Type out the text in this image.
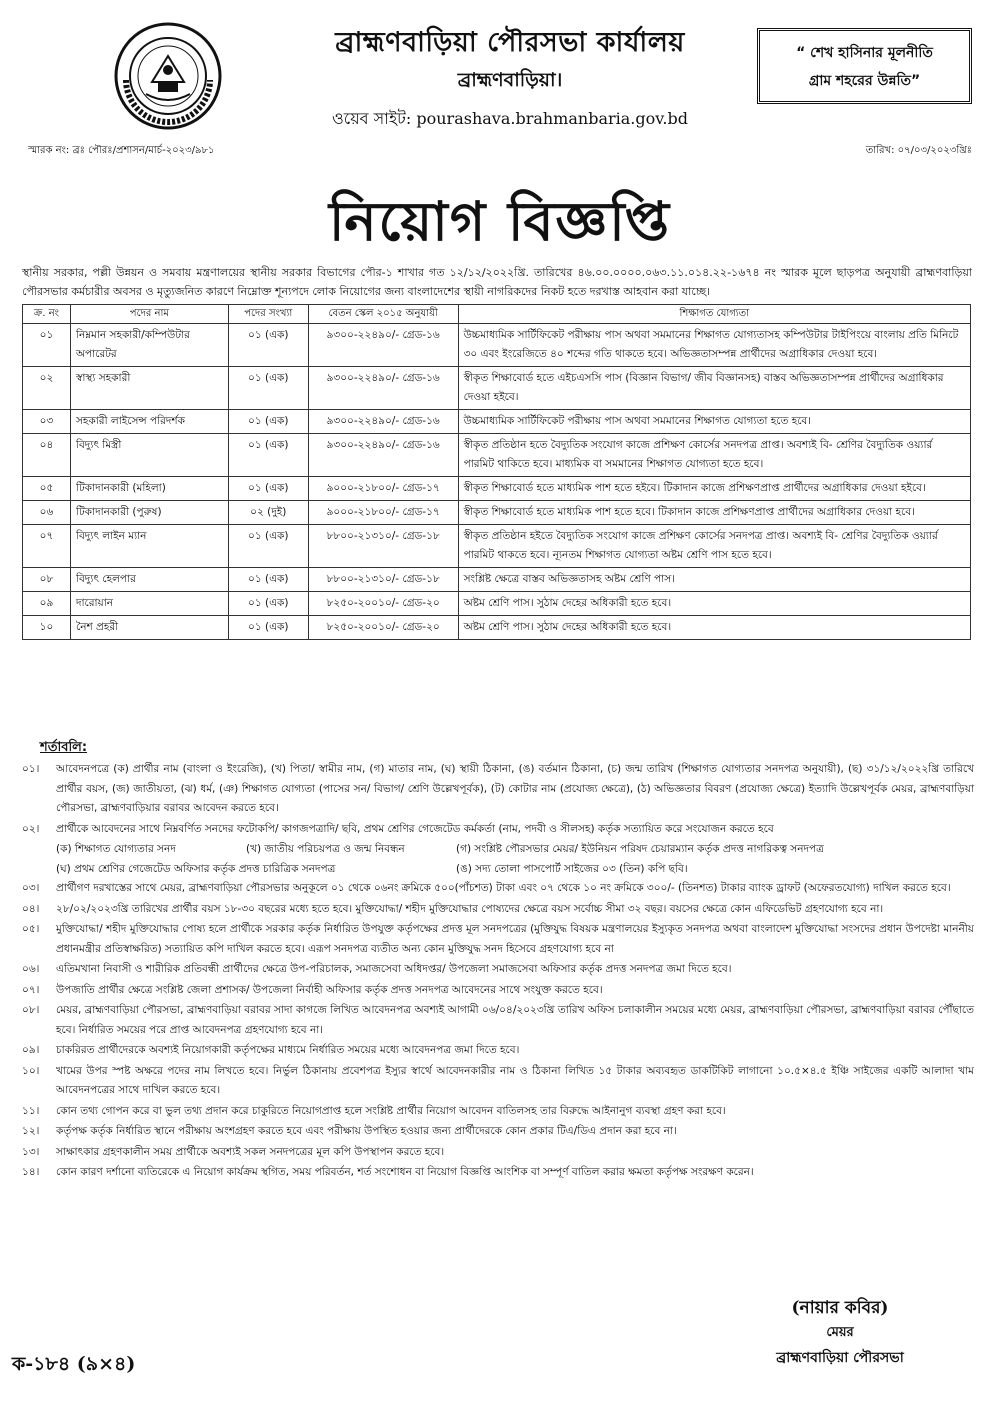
ব্রাহ্মণবাড়িয়া পৌরসভা কার্যালয়
ব্রাহ্মণবাড়িয়া।
ওয়েব সাইট: pourashava.brahmanbaria.gov.bd
“ শেখ হাসিনার মূলনীতি
গ্রাম শহরের উন্নতি”
স্মারক নং: ব্রঃ পৌরঃ/প্রশাসন/মার্চ-২০২৩/৯৮১	তারিখ: ০৭/০৩/২০২৩খ্রিঃ
নিয়োগ বিজ্ঞপ্তি
স্থানীয় সরকার, পল্লী উন্নয়ন ও সমবায় মন্ত্রণালয়ের স্থানীয় সরকার বিভাগের পৌর-১ শাখার গত ১২/১২/২০২২খ্রি. তারিখের ৪৬.০০.০০০০.০৬৩.১১.০১৪.২২-১৬৭৪ নং স্মারক মূলে ছাড়পত্র অনুযায়ী ব্রাহ্মণবাড়িয়া পৌরসভার কর্মচারীর অবসর ও মৃত্যুজনিত কারণে নিম্নোক্ত শূন্যপদে লোক নিয়োগের জন্য বাংলাদেশের স্থায়ী নাগরিকদের নিকট হতে দরখাস্ত আহবান করা যাচ্ছে।
ক্র. নং	পদের নাম	পদের সংখ্যা	বেতন স্কেল ২০১৫ অনুযায়ী	শিক্ষাগত যোগ্যতা
০১	নিম্নমান সহকারী/কম্পিউটার অপারেটর	০১ (এক)	৯৩০০-২২৪৯০/- গ্রেড-১৬	উচ্চমাধ্যমিক সার্টিফিকেট পরীক্ষায় পাস অথবা সমমানের শিক্ষাগত যোগ্যতাসহ কম্পিউটার টাইপিংয়ে বাংলায় প্রতি মিনিটে ৩০ এবং ইংরেজিতে ৪০ শব্দের গতি থাকতে হবে। অভিজ্ঞতাসম্পন্ন প্রার্থীদের অগ্রাধিকার দেওয়া হবে।
০২	স্বাস্থ্য সহকারী	০১ (এক)	৯৩০০-২২৪৯০/- গ্রেড-১৬	স্বীকৃত শিক্ষাবোর্ড হতে এইচএসসি পাস (বিজ্ঞান বিভাগ/ জীব বিজ্ঞানসহ) বাস্তব অভিজ্ঞতাসম্পন্ন প্রার্থীদের অগ্রাধিকার দেওয়া হইবে।
০৩	সহকারী লাইসেন্স পরিদর্শক	০১ (এক)	৯৩০০-২২৪৯০/- গ্রেড-১৬	উচ্চমাধ্যমিক সার্টিফিকেট পরীক্ষায় পাস অথবা সমমানের শিক্ষাগত যোগ্যতা হতে হবে।
০৪	বিদ্যুৎ মিস্ত্রী	০১ (এক)	৯৩০০-২২৪৯০/- গ্রেড-১৬	স্বীকৃত প্রতিষ্ঠান হতে বৈদ্যুতিক সংযোগ কাজে প্রশিক্ষণ কোর্সের সনদপত্র প্রাপ্ত। অবশ্যই বি- শ্রেণির বৈদ্যুতিক ওয়্যার্র পারমিট থাকিতে হবে। মাধ্যমিক বা সমমানের শিক্ষাগত যোগ্যতা হতে হবে।
০৫	টিকাদানকারী (মহিলা)	০১ (এক)	৯০০০-২১৮০০/- গ্রেড-১৭	স্বীকৃত শিক্ষাবোর্ড হতে মাধ্যমিক পাশ হতে হইবে। টিকাদান কাজে প্রশিক্ষণপ্রাপ্ত প্রার্থীদের অগ্রাধিকার দেওয়া হইবে।
০৬	টিকাদানকারী (পুরুষ)	০২ (দুই)	৯০০০-২১৮০০/- গ্রেড-১৭	স্বীকৃত শিক্ষাবোর্ড হতে মাধ্যমিক পাশ হতে হবে। টিকাদান কাজে প্রশিক্ষণপ্রাপ্ত প্রার্থীদের অগ্রাধিকার দেওয়া হবে।
০৭	বিদ্যুৎ লাইন ম্যান	০১ (এক)	৮৮০০-২১৩১০/- গ্রেড-১৮	স্বীকৃত প্রতিষ্ঠান হইতে বৈদ্যুতিক সংযোগ কাজে প্রশিক্ষণ কোর্সের সনদপত্র প্রাপ্ত। অবশ্যই বি- শ্রেণির বৈদ্যুতিক ওয়্যার্র পারমিট থাকতে হবে। ন্যূনতম শিক্ষাগত যোগ্যতা অষ্টম শ্রেণি পাস হতে হবে।
০৮	বিদ্যুৎ হেলপার	০১ (এক)	৮৮০০-২১৩১০/- গ্রেড-১৮	সংশ্লিষ্ট ক্ষেত্রে বাস্তব অভিজ্ঞতাসহ অষ্টম শ্রেণি পাস।
০৯	দারোয়ান	০১ (এক)	৮২৫০-২০০১০/- গ্রেড-২০	অষ্টম শ্রেণি পাস। সুঠাম দেহের অধিকারী হতে হবে।
১০	নৈশ প্রহরী	০১ (এক)	৮২৫০-২০০১০/- গ্রেড-২০	অষ্টম শ্রেণি পাস। সুঠাম দেহের অধিকারী হতে হবে।
শর্তাবলি:
০১। আবেদনপত্রে (ক) প্রার্থীর নাম (বাংলা ও ইংরেজি), (খ) পিতা/ স্বামীর নাম, (গ) মাতার নাম, (ঘ) স্থায়ী ঠিকানা, (ঙ) বর্তমান ঠিকানা, (চ) জন্ম তারিখ (শিক্ষাগত যোগ্যতার সনদপত্র অনুযায়ী), (ছ) ৩১/১২/২০২২খ্রি তারিখে প্রার্থীর বয়স, (জ) জাতীয়তা, (ঝ) ধর্ম, (ঞ) শিক্ষাগত যোগ্যতা (পাসের সন/ বিভাগ/ শ্রেণি উল্লেখপূর্বক), (ট) কোটার নাম (প্রযোজ্য ক্ষেত্রে), (ঠ) অভিজ্ঞতার বিবরণ (প্রযোজ্য ক্ষেত্রে) ইত্যাদি উল্লেখপূর্বক মেয়র, ব্রাহ্মণবাড়িয়া পৌরসভা, ব্রাহ্মণবাড়িয়ার বরাবর আবেদন করতে হবে।
০২। প্রার্থীকে আবেদনের সাথে নিম্নবর্ণিত সনদের ফটোকপি/ কাগজপত্রাদি/ ছবি, প্রথম শ্রেণির গেজেটেড কর্মকর্তা (নাম, পদবী ও সীলসহ) কর্তৃক সত্যায়িত করে সংযোজন করতে হবে
(ক) শিক্ষাগত যোগ্যতার সনদ	(খ) জাতীয় পরিচয়পত্র ও জন্ম নিবন্ধন	(গ) সংশ্লিষ্ট পৌরসভার মেয়র/ ইউনিয়ন পরিষদ চেয়ারম্যান কর্তৃক প্রদত্ত নাগরিকত্ব সনদপত্র
(ঘ) প্রথম শ্রেণির গেজেটেড অফিসার কর্তৃক প্রদত্ত চারিত্রিক সনদপত্র	(ঙ) সদ্য তোলা পাসপোর্ট সাইজের ০৩ (তিন) কপি ছবি।
০৩। প্রার্থীগণ দরখাস্তের সাথে মেয়র, ব্রাহ্মণবাড়িয়া পৌরসভার অনুকূলে ০১ থেকে ০৬নং ক্রমিকে ৫০০(পাঁচশত) টাকা এবং ০৭ থেকে ১০ নং ক্রমিকে ৩০০/- (তিনশত) টাকার ব্যাংক ড্রাফট (অফেরতযোগ্য) দাখিল করতে হবে।
০৪। ২৮/০২/২০২৩খ্রি তারিখের প্রার্থীর বয়স ১৮-৩০ বছরের মধ্যে হতে হবে। মুক্তিযোদ্ধা/ শহীদ মুক্তিযোদ্ধার পোষ্যদের ক্ষেত্রে বয়স সর্বোচ্চ সীমা ৩২ বছর। বয়সের ক্ষেত্রে কোন এফিডেভিট গ্রহণযোগ্য হবে না।
০৫। মুক্তিযোদ্ধা/ শহীদ মুক্তিযোদ্ধার পোষ্য হলে প্রার্থীকে সরকার কর্তৃক নির্ধারিত উপযুক্ত কর্তৃপক্ষের প্রদত্ত মূল সনদপত্রের (মুক্তিযুদ্ধ বিষয়ক মন্ত্রণালয়ের ইস্যুকৃত সনদপত্র অথবা বাংলাদেশ মুক্তিযোদ্ধা সংসদের প্রধান উপদেষ্টা মাননীয় প্রধানমন্ত্রীর প্রতিস্বাক্ষরিত) সত্যায়িত কপি দাখিল করতে হবে। এরূপ সনদপত্র ব্যতীত অন্য কোন মুক্তিযুদ্ধ সনদ হিসেবে গ্রহণযোগ্য হবে না
০৬। এতিমখানা নিবাসী ও শারীরিক প্রতিবন্ধী প্রার্থীদের ক্ষেত্রে উপ-পরিচালক, সমাজসেবা অধিদপ্তর/ উপজেলা সমাজসেবা অফিসার কর্তৃক প্রদত্ত সনদপত্র জমা দিতে হবে।
০৭। উপজাতি প্রার্থীর ক্ষেত্রে সংশ্লিষ্ট জেলা প্রশাসক/ উপজেলা নির্বাহী অফিসার কর্তৃক প্রদত্ত সনদপত্র আবেদনের সাথে সংযুক্ত করতে হবে।
০৮। মেয়র, ব্রাহ্মণবাড়িয়া পৌরসভা, ব্রাহ্মণবাড়িয়া বরাবর সাদা কাগজে লিখিত আবেদনপত্র অবশ্যই আগামী ০৬/০৪/২০২৩খ্রি তারিখ অফিস চলাকালীন সময়ের মধ্যে মেয়র, ব্রাহ্মণবাড়িয়া পৌরসভা, ব্রাহ্মণবাড়িয়া বরাবর পৌঁছাতে হবে। নির্ধারিত সময়ের পরে প্রাপ্ত আবেদনপত্র গ্রহণযোগ্য হবে না।
০৯। চাকরিরত প্রার্থীদেরকে অবশ্যই নিয়োগকারী কর্তৃপক্ষের মাধ্যমে নির্ধারিত সময়ের মধ্যে আবেদনপত্র জমা দিতে হবে।
১০। খামের উপর স্পষ্ট অক্ষরে পদের নাম লিখতে হবে। নির্ভুল ঠিকানায় প্রবেশপত্র ইস্যুর স্বার্থে আবেদনকারীর নাম ও ঠিকানা লিখিত ১৫ টাকার অব্যবহৃত ডাকটিকিট লাগানো ১০.৫×৪.৫ ইঞ্চি সাইজের একটি আলাদা খাম আবেদনপত্রের সাথে দাখিল করতে হবে।
১১। কোন তথ্য গোপন করে বা ভুল তথ্য প্রদান করে চাকুরিতে নিয়োগপ্রাপ্ত হলে সংশ্লিষ্ট প্রার্থীর নিয়োগ আবেদন বাতিলসহ তার বিরুদ্ধে আইনানুগ ব্যবস্থা গ্রহণ করা হবে।
১২। কর্তৃপক্ষ কর্তৃক নির্ধারিত স্থানে পরীক্ষায় অংশগ্রহণ করতে হবে এবং পরীক্ষায় উপস্থিত হওয়ার জন্য প্রার্থীদেরকে কোন প্রকার টিএ/ডিএ প্রদান করা হবে না।
১৩। সাক্ষাৎকার গ্রহণকালীন সময় প্রার্থীকে অবশ্যই সকল সনদপত্রের মূল কপি উপস্থাপন করতে হবে।
১৪। কোন কারণ দর্শানো ব্যতিরেকে এ নিয়োগ কার্যক্রম স্থগিত, সময় পরিবর্তন, শর্ত সংশোধন বা নিয়োগ বিজ্ঞপ্তি আংশিক বা সম্পূর্ণ বাতিল করার ক্ষমতা কর্তৃপক্ষ সংরক্ষণ করেন।
(নায়ার কবির)
মেয়র
ব্রাহ্মণবাড়িয়া পৌরসভা
ক-১৮৪ (৯×৪)
